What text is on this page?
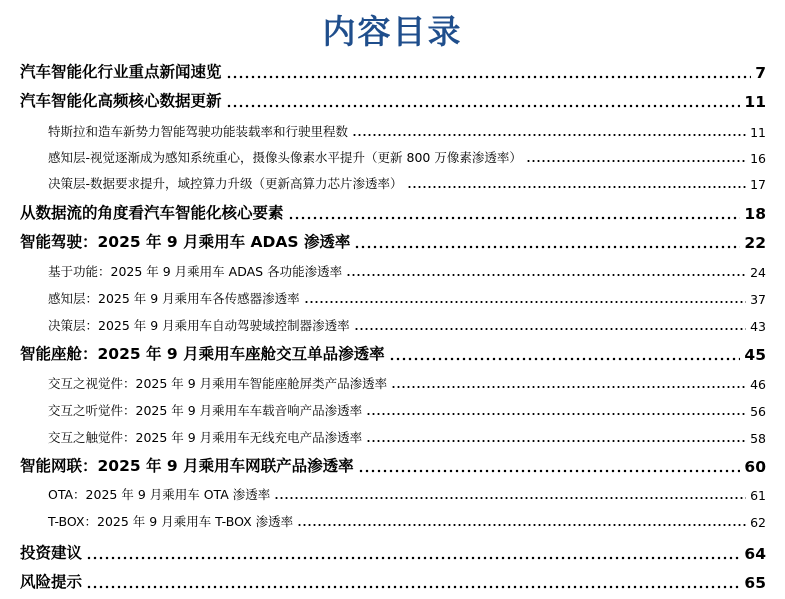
内容目录
汽车智能化行业重点新闻速览	7
汽车智能化高频核心数据更新	11
特斯拉和造车新势力智能驾驶功能装载率和行驶里程数	11
感知层-视觉逐渐成为感知系统重心，摄像头像素水平提升（更新 800 万像素渗透率）	16
决策层-数据要求提升，域控算力升级（更新高算力芯片渗透率）	17
从数据流的角度看汽车智能化核心要素	18
智能驾驶：2025 年 9 月乘用车 ADAS 渗透率	22
基于功能：2025 年 9 月乘用车 ADAS 各功能渗透率	24
感知层：2025 年 9 月乘用车各传感器渗透率	37
决策层：2025 年 9 月乘用车自动驾驶域控制器渗透率	43
智能座舱：2025 年 9 月乘用车座舱交互单品渗透率	45
交互之视觉件：2025 年 9 月乘用车智能座舱屏类产品渗透率	46
交互之听觉件：2025 年 9 月乘用车车载音响产品渗透率	56
交互之触觉件：2025 年 9 月乘用车无线充电产品渗透率	58
智能网联：2025 年 9 月乘用车网联产品渗透率	60
OTA：2025 年 9 月乘用车 OTA 渗透率	61
T-BOX：2025 年 9 月乘用车 T-BOX 渗透率	62
投资建议	64
风险提示	65
